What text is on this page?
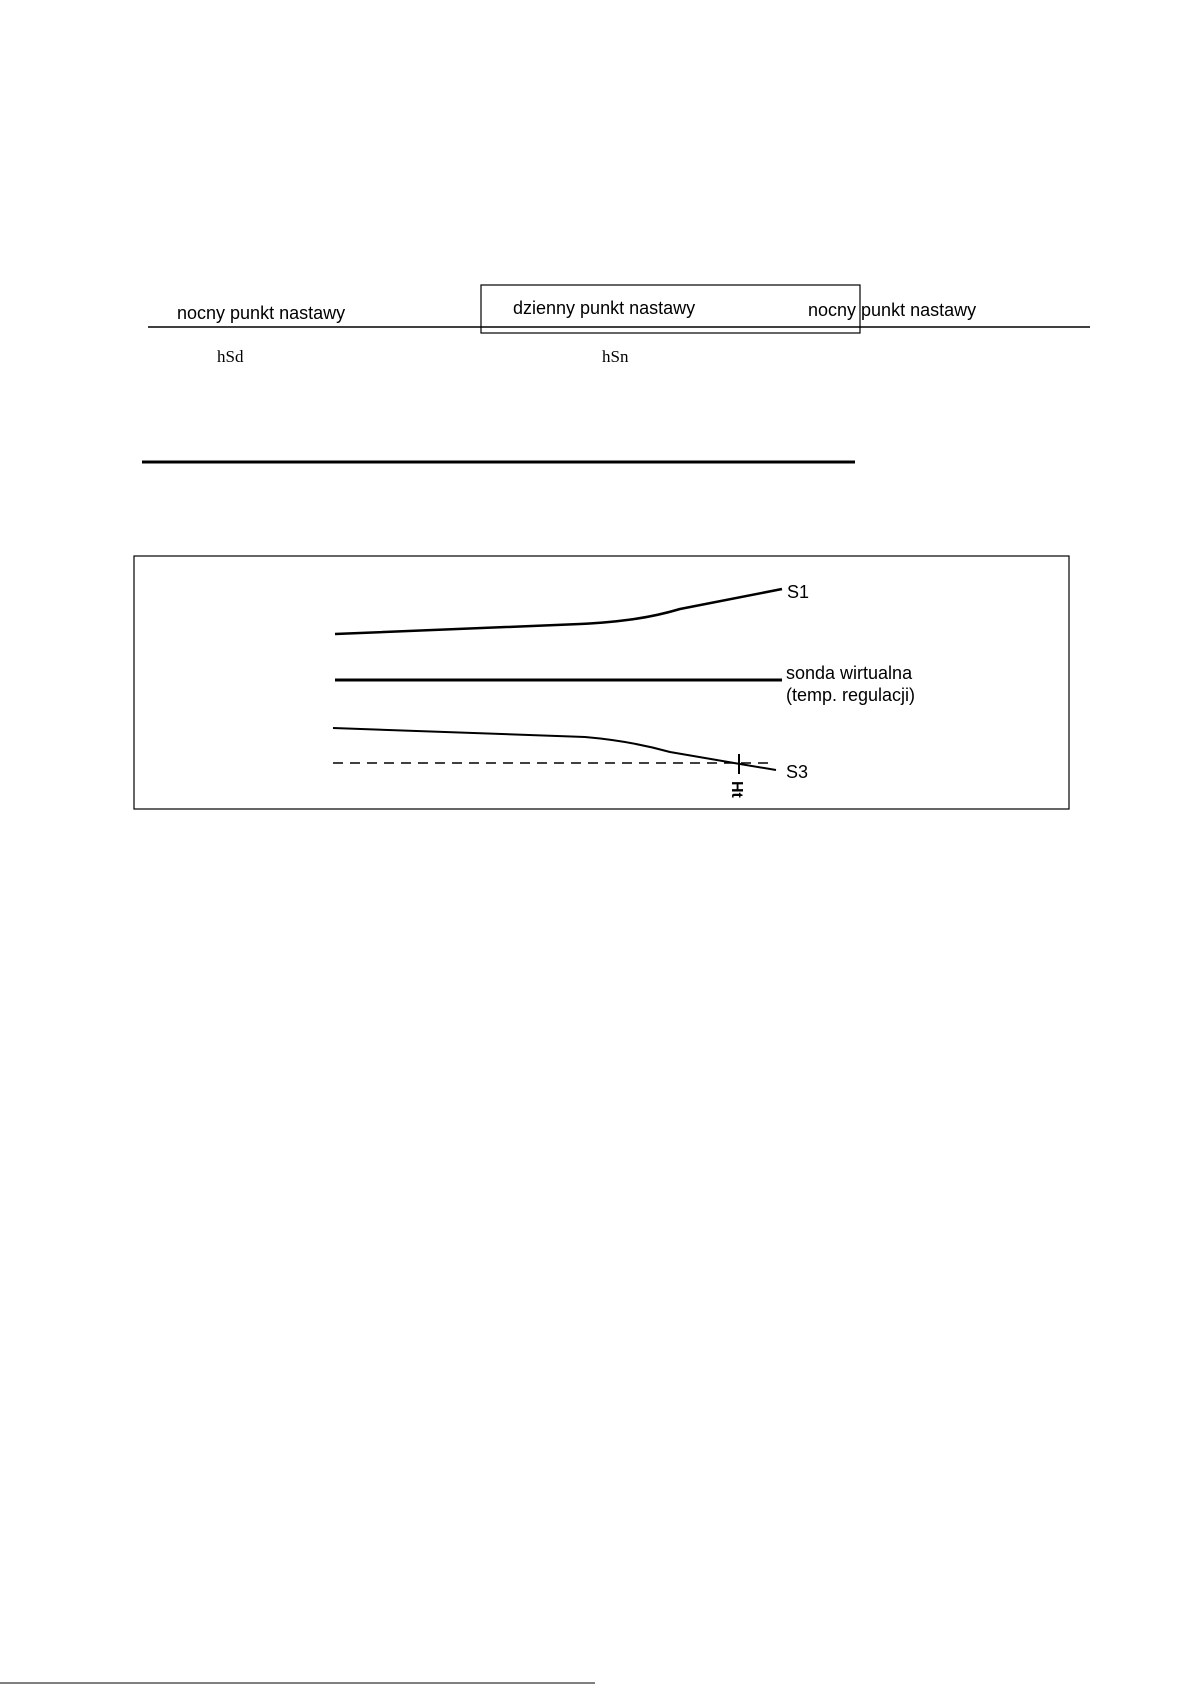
nocny punkt nastawy	dzienny punkt nastawy	nocny punkt nastawy
hSd	hSn
S1
sonda wirtualna
(temp. regulacji)
S3
Ht
